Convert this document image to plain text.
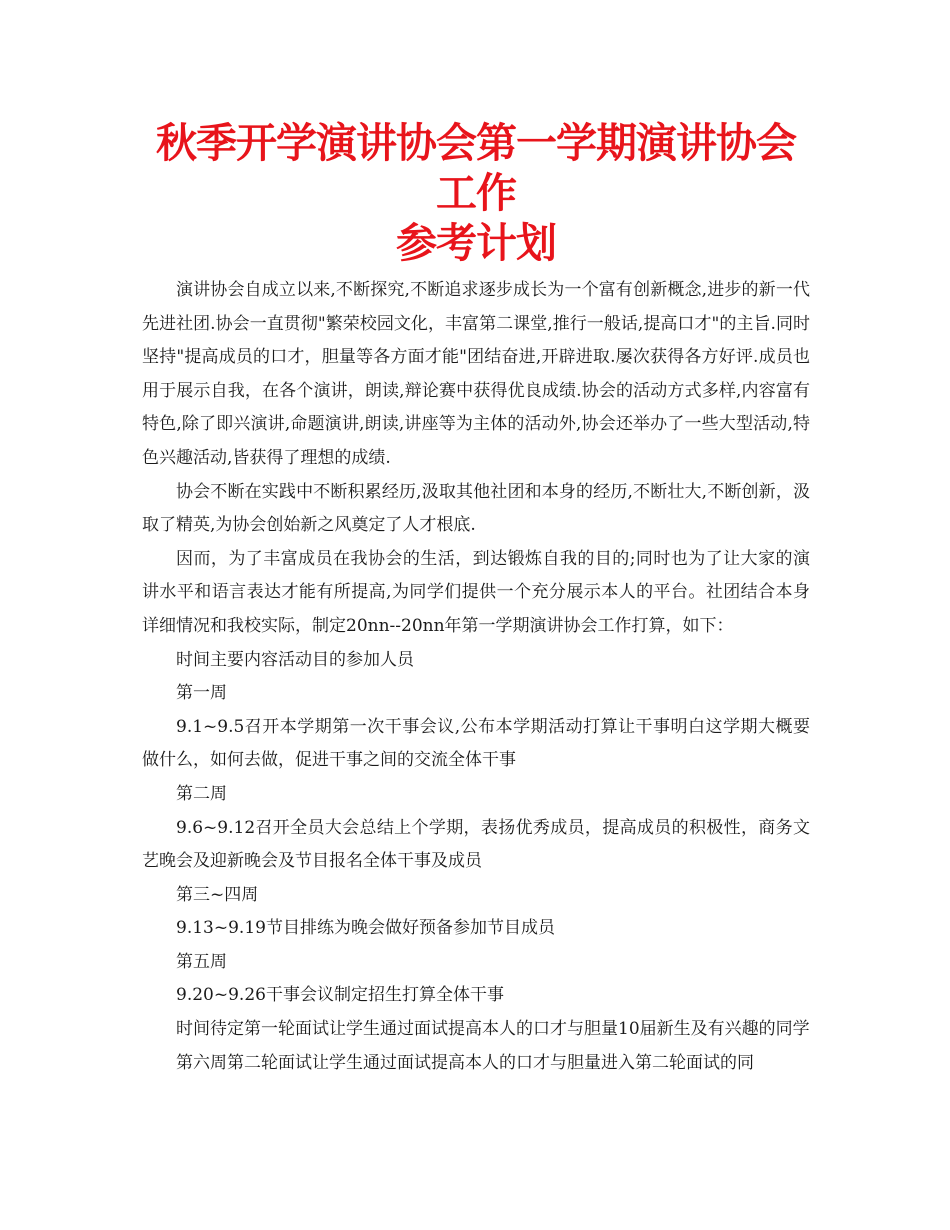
秋季开学演讲协会第一学期演讲协会工作
参考计划

演讲协会自成立以来,不断探究,不断追求逐步成长为一个富有创新概念,进步的新一代先进社团.协会一直贯彻"繁荣校园文化，丰富第二课堂,推行一般话,提高口才"的主旨.同时坚持"提高成员的口才，胆量等各方面才能"团结奋进,开辟进取.屡次获得各方好评.成员也用于展示自我，在各个演讲，朗读,辩论赛中获得优良成绩.协会的活动方式多样,内容富有特色,除了即兴演讲,命题演讲,朗读,讲座等为主体的活动外,协会还举办了一些大型活动,特色兴趣活动,皆获得了理想的成绩.

协会不断在实践中不断积累经历,汲取其他社团和本身的经历,不断壮大,不断创新，汲取了精英,为协会创始新之风奠定了人才根底.

因而，为了丰富成员在我协会的生活，到达锻炼自我的目的;同时也为了让大家的演讲水平和语言表达才能有所提高,为同学们提供一个充分展示本人的平台。社团结合本身详细情况和我校实际，制定20nn--20nn年第一学期演讲协会工作打算，如下：

时间主要内容活动目的参加人员

第一周

9.1~9.5召开本学期第一次干事会议,公布本学期活动打算让干事明白这学期大概要做什么，如何去做，促进干事之间的交流全体干事

第二周

9.6~9.12召开全员大会总结上个学期，表扬优秀成员，提高成员的积极性，商务文艺晚会及迎新晚会及节目报名全体干事及成员

第三~四周

9.13~9.19节目排练为晚会做好预备参加节目成员

第五周

9.20~9.26干事会议制定招生打算全体干事

时间待定第一轮面试让学生通过面试提高本人的口才与胆量10届新生及有兴趣的同学

第六周第二轮面试让学生通过面试提高本人的口才与胆量进入第二轮面试的同
